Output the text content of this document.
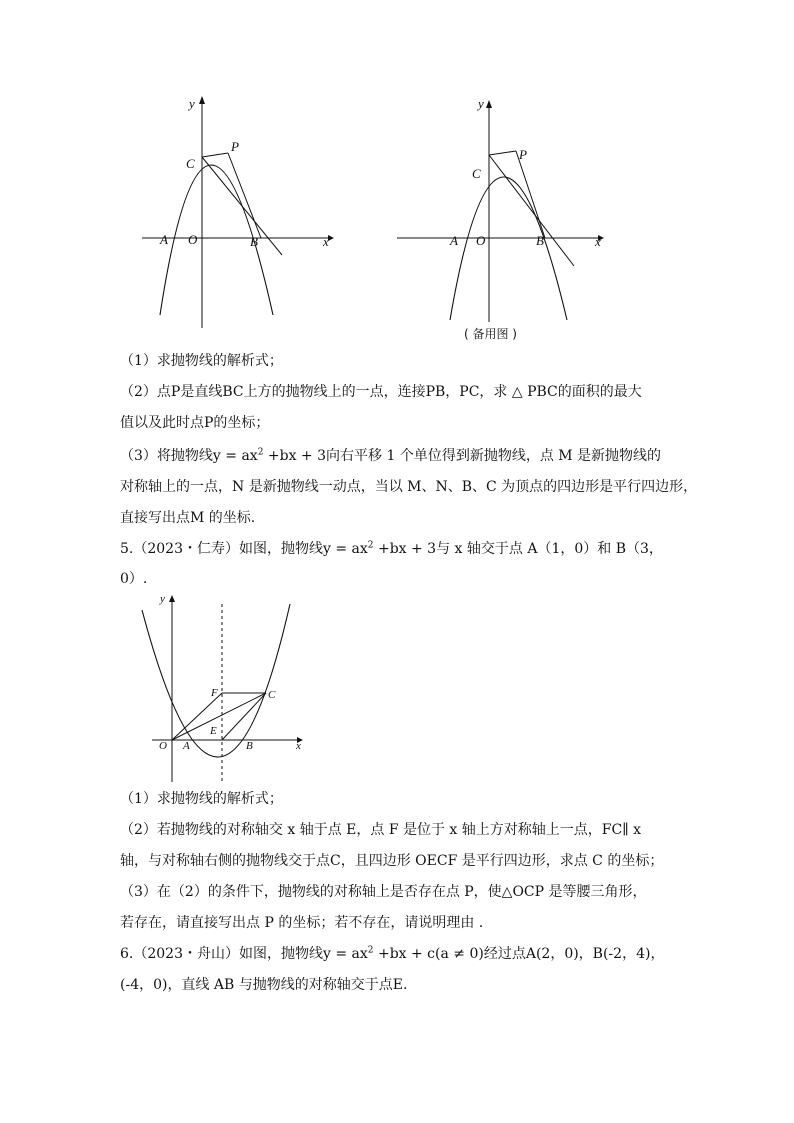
y
x
C
P
A O	B
y
x
C
P
A O	B
( 备用图 )
（1）求抛物线的解析式；
（2）点P是直线BC上方的抛物线上的一点，连接PB，PC，求 △ PBC的面积的最大
值以及此时点P的坐标；
（3）将抛物线$y = ax^2 +bx + 3$向右平移 1 个单位得到新抛物线，点 M 是新抛物线的
对称轴上的一点，N 是新抛物线一动点，当以 M、N、B、C 为顶点的四边形是平行四边形，
直接写出点M 的坐标.
5.（2023・仁寿）如图，抛物线$y = ax^2 +bx + 3$与 x 轴交于点 A（1，0）和 B（3，
0）.
y
x
F	C
E
O A	B
（1）求抛物线的解析式；
（2）若抛物线的对称轴交 x 轴于点 E，点 F 是位于 x 轴上方对称轴上一点，FC∥ x
轴，与对称轴右侧的抛物线交于点C，且四边形 OECF 是平行四边形，求点 C 的坐标；
（3）在（2）的条件下，抛物线的对称轴上是否存在点 P，使△OCP 是等腰三角形，
若存在，请直接写出点 P 的坐标；若不存在，请说明理由 .
6.（2023・舟山）如图，抛物线$y = ax^2 +bx + c(a \ne 0)$经过点A(2，0)，B(-2，4)，
(-4，0)，直线 AB 与抛物线的对称轴交于点E.
